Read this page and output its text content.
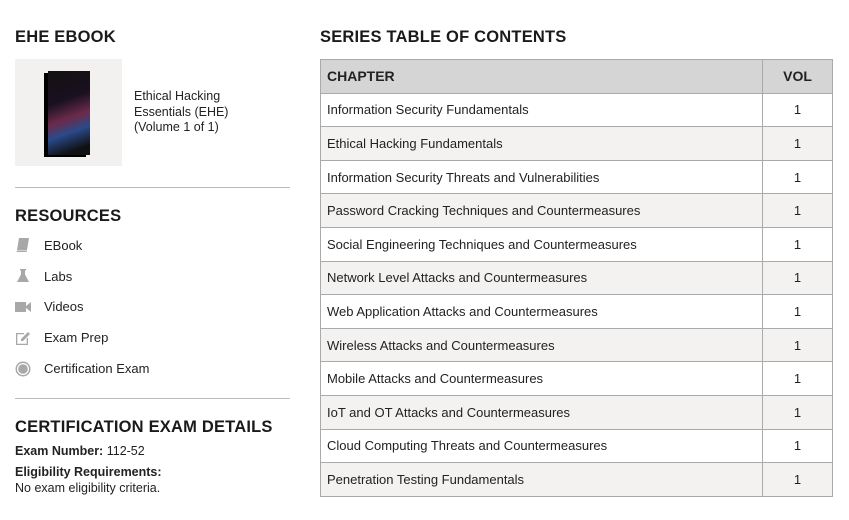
EHE EBOOK
Ethical Hacking
Essentials (EHE)
(Volume 1 of 1)
RESOURCES
EBook
Labs
Videos
Exam Prep
Certification Exam
CERTIFICATION EXAM DETAILS

Exam Number: 112-52

Eligibility Requirements:

No exam eligibility criteria.

SERIES TABLE OF CONTENTS
CHAPTER	VOL
Information Security Fundamentals	1
Ethical Hacking Fundamentals	1
Information Security Threats and Vulnerabilities	1
Password Cracking Techniques and Countermeasures	1
Social Engineering Techniques and Countermeasures	1
Network Level Attacks and Countermeasures	1
Web Application Attacks and Countermeasures	1
Wireless Attacks and Countermeasures	1
Mobile Attacks and Countermeasures	1
IoT and OT Attacks and Countermeasures	1
Cloud Computing Threats and Countermeasures	1
Penetration Testing Fundamentals	1
